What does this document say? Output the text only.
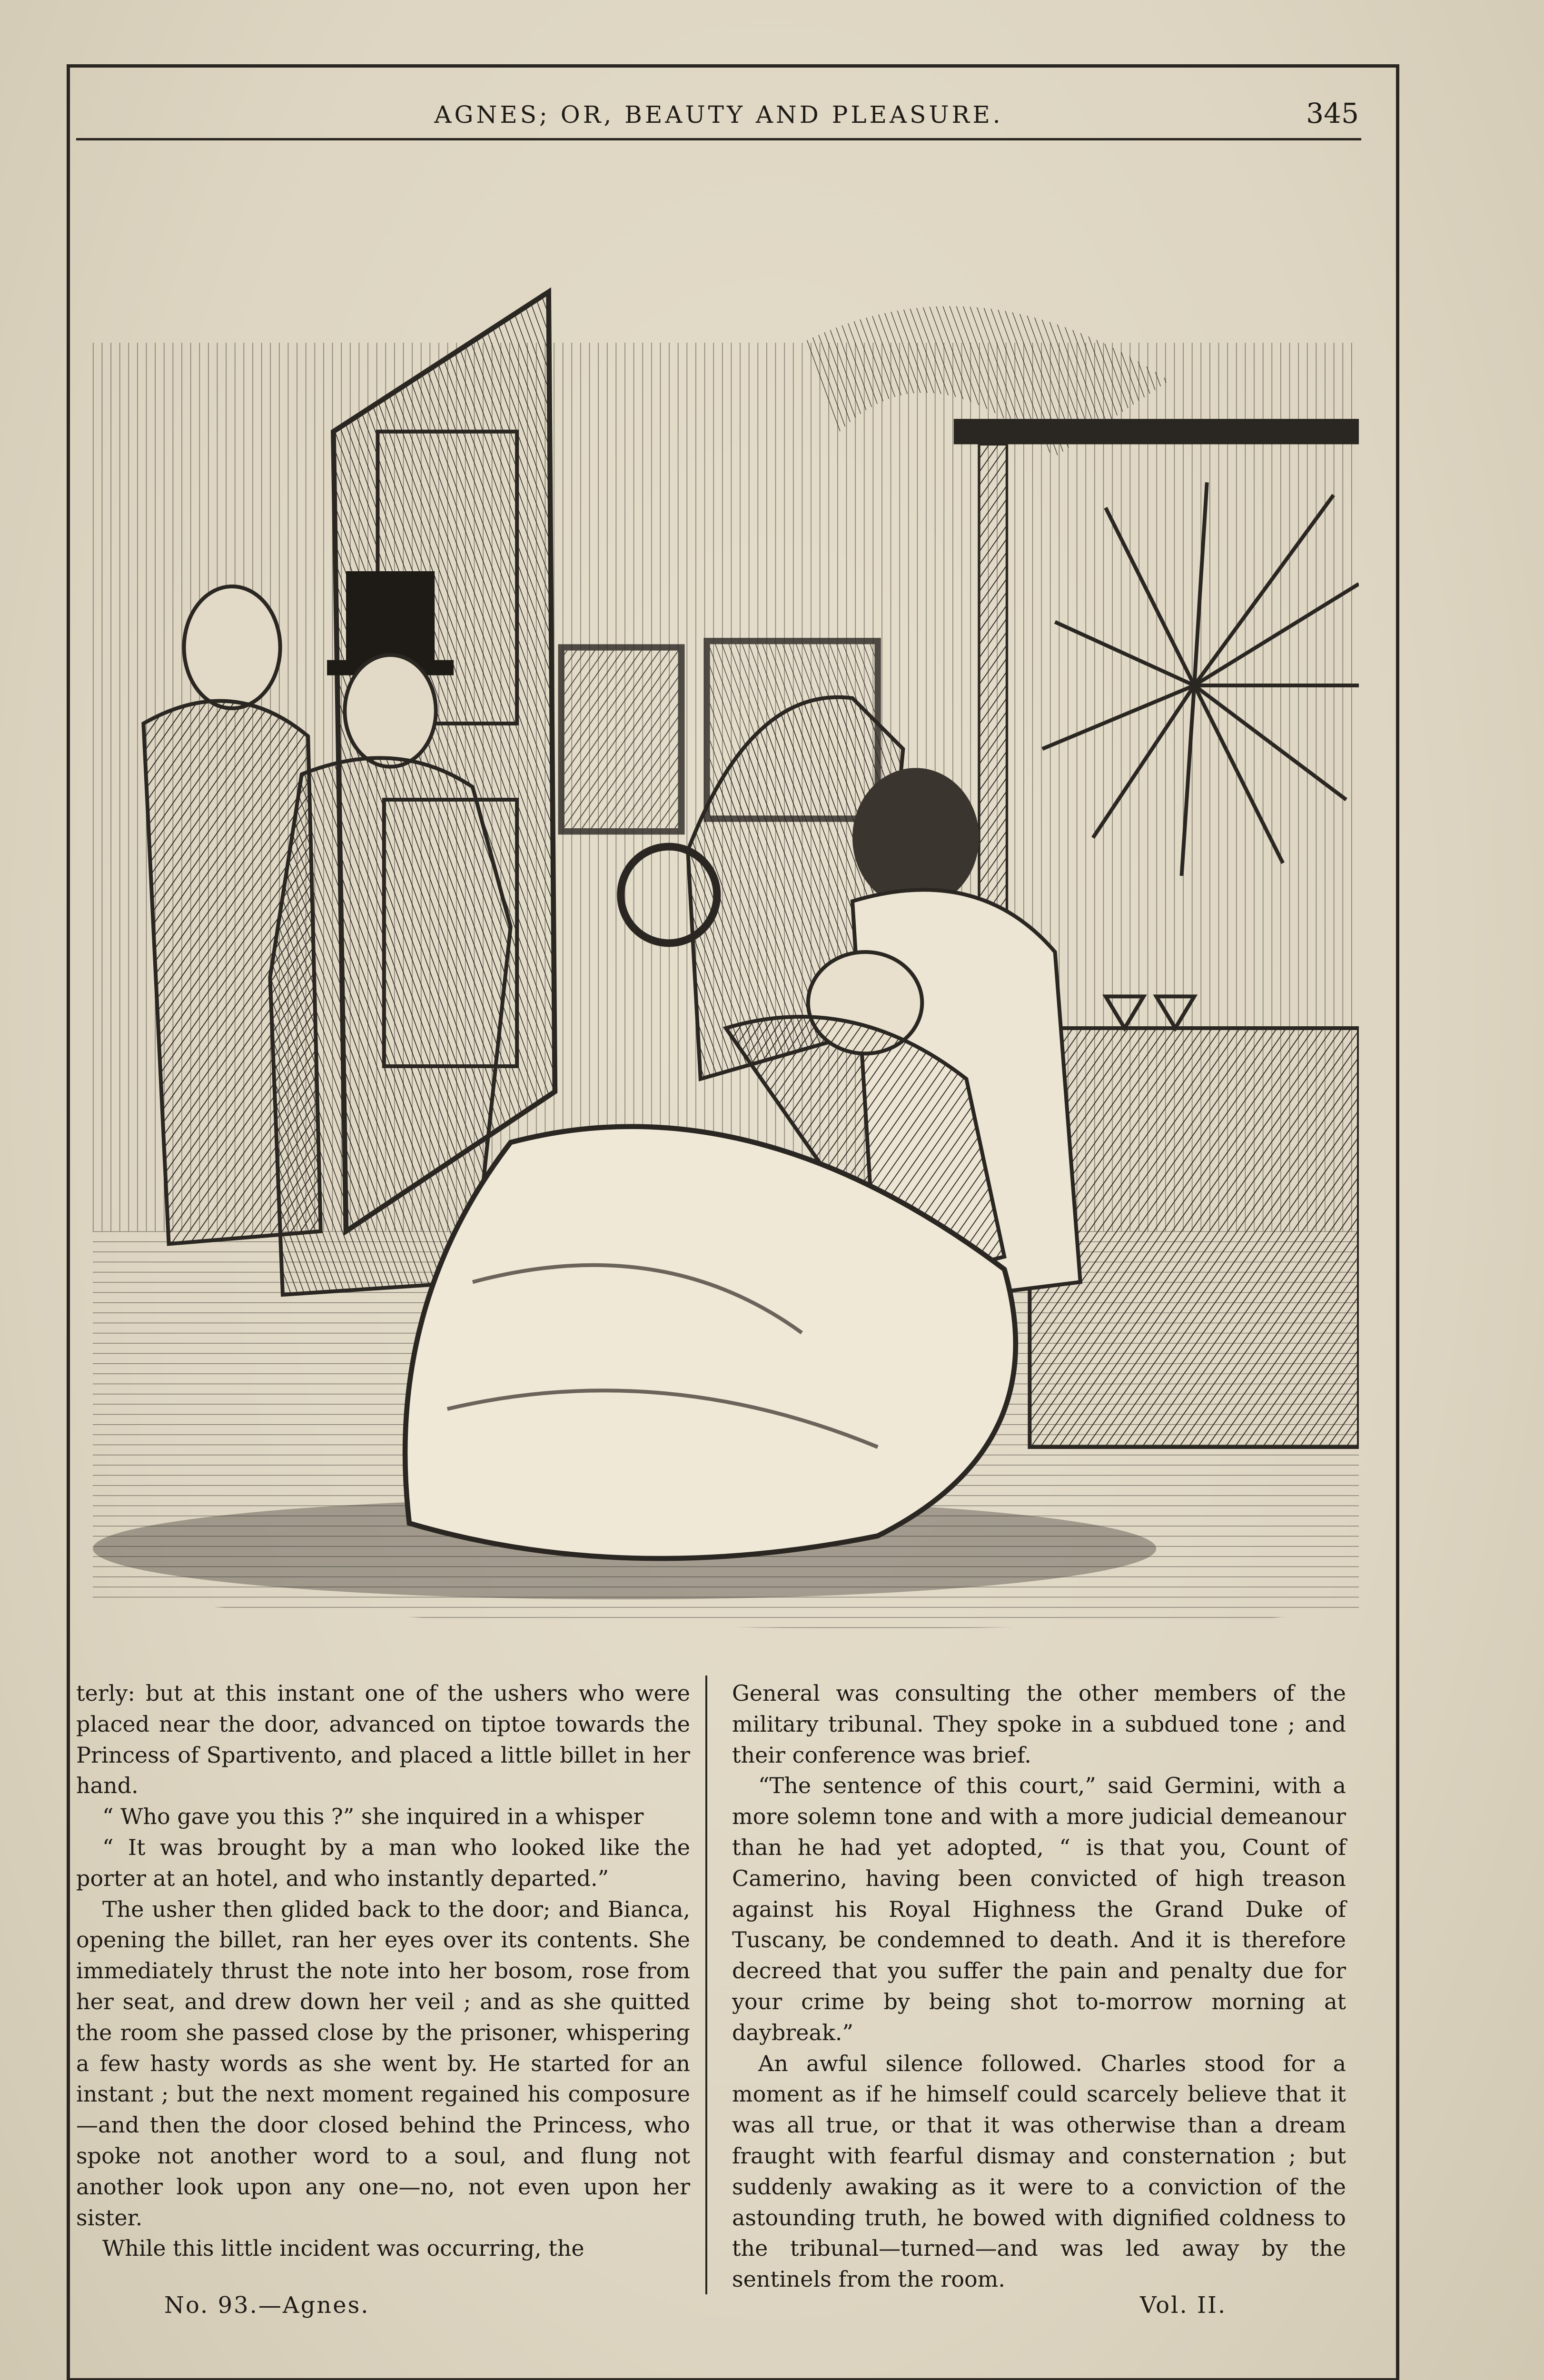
AGNES; OR, BEAUTY AND PLEASURE.	345

terly: but at this instant one of the ushers who were placed near the door, advanced on tiptoe towards the Princess of Spartivento, and placed a little billet in her hand.

“ Who gave you this ?” she inquired in a whisper

“ It was brought by a man who looked like the porter at an hotel, and who instantly departed.”

The usher then glided back to the door; and Bianca, opening the billet, ran her eyes over its contents. She immediately thrust the note into her bosom, rose from her seat, and drew down her veil ; and as she quitted the room she passed close by the prisoner, whispering a few hasty words as she went by. He started for an instant ; but the next moment regained his composure—and then the door closed behind the Princess, who spoke not another word to a soul, and flung not another look upon any one—no, not even upon her sister.

While this little incident was occurring, the

General was consulting the other members of the military tribunal. They spoke in a subdued tone ; and their conference was brief.

“The sentence of this court,” said Germini, with a more solemn tone and with a more judicial demeanour than he had yet adopted, “ is that you, Count of Camerino, having been convicted of high treason against his Royal Highness the Grand Duke of Tuscany, be condemned to death. And it is therefore decreed that you suffer the pain and penalty due for your crime by being shot to-morrow morning at daybreak.”

An awful silence followed. Charles stood for a moment as if he himself could scarcely believe that it was all true, or that it was otherwise than a dream fraught with fearful dismay and consternation ; but suddenly awaking as it were to a conviction of the astounding truth, he bowed with dignified coldness to the tribunal—turned—and was led away by the sentinels from the room.

No. 93.—Agnes.	Vol. II.
